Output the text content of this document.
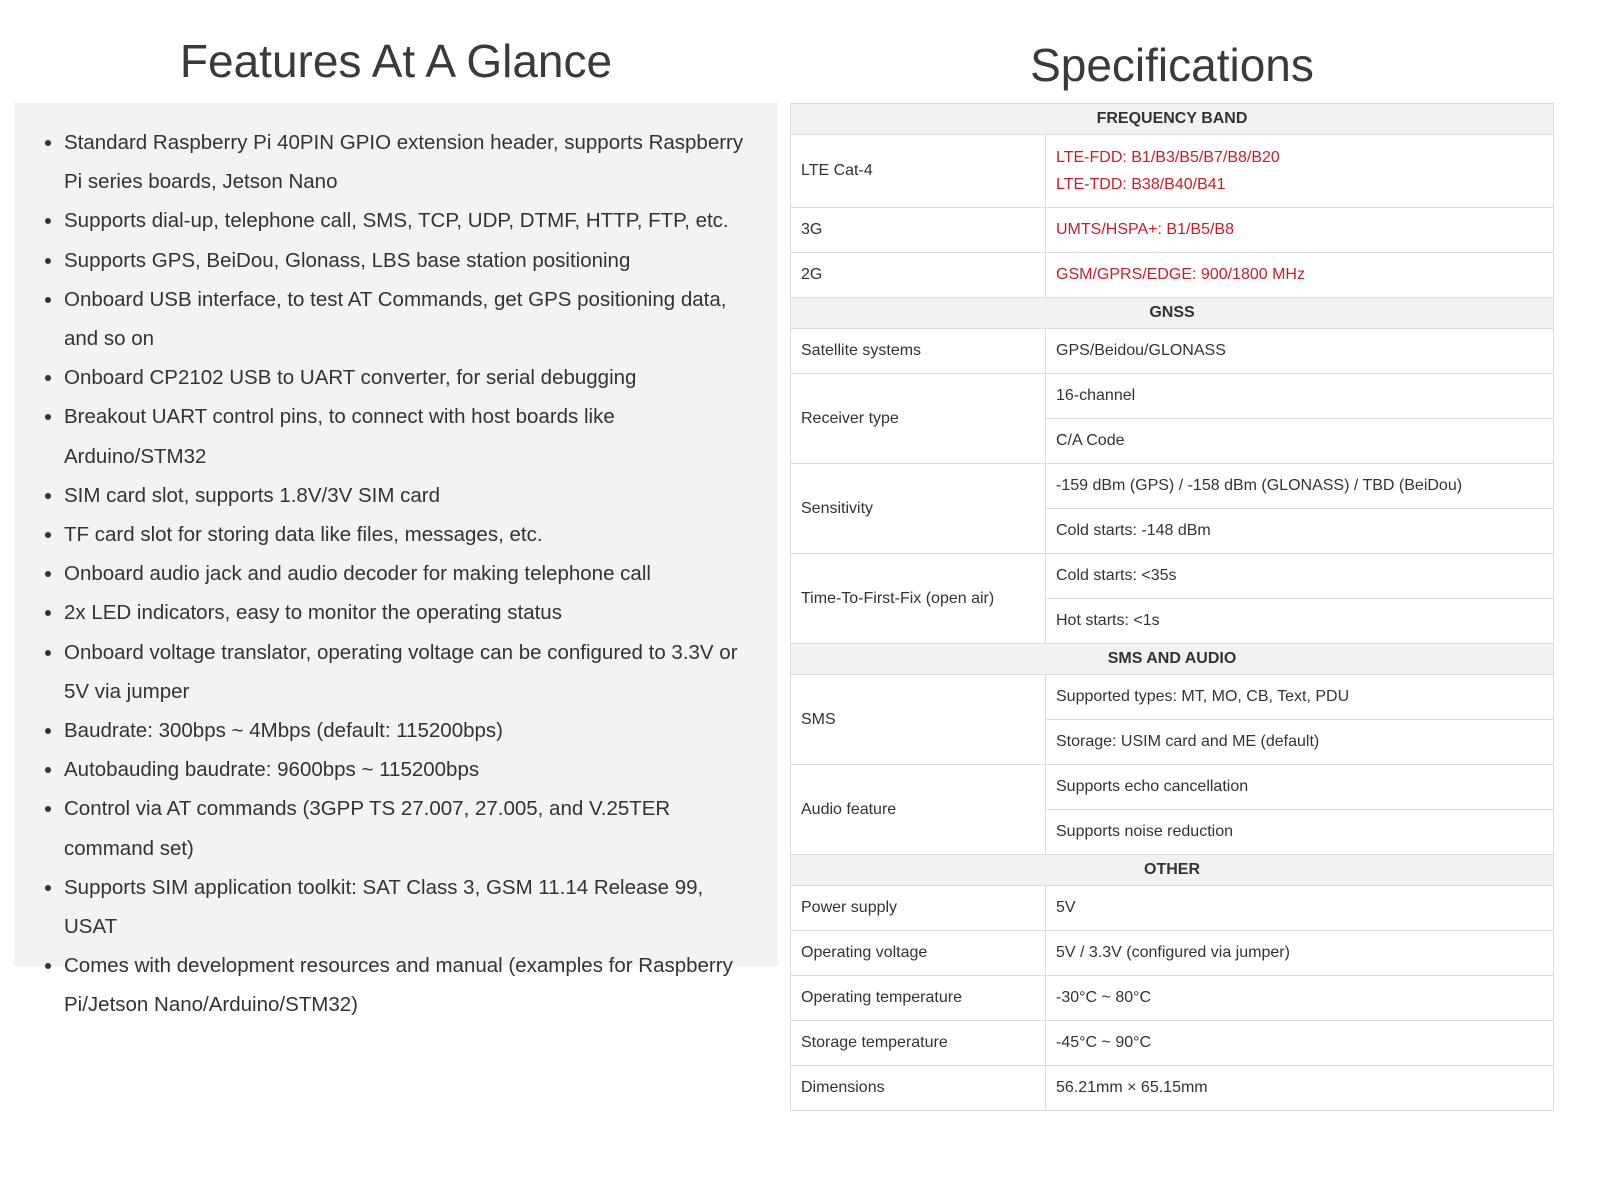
Features At A Glance
• Standard Raspberry Pi 40PIN GPIO extension header, supports Raspberry Pi series boards, Jetson Nano
• Supports dial-up, telephone call, SMS, TCP, UDP, DTMF, HTTP, FTP, etc.
• Supports GPS, BeiDou, Glonass, LBS base station positioning
• Onboard USB interface, to test AT Commands, get GPS positioning data, and so on
• Onboard CP2102 USB to UART converter, for serial debugging
• Breakout UART control pins, to connect with host boards like Arduino/STM32
• SIM card slot, supports 1.8V/3V SIM card
• TF card slot for storing data like files, messages, etc.
• Onboard audio jack and audio decoder for making telephone call
• 2x LED indicators, easy to monitor the operating status
• Onboard voltage translator, operating voltage can be configured to 3.3V or 5V via jumper
• Baudrate: 300bps ~ 4Mbps (default: 115200bps)
• Autobauding baudrate: 9600bps ~ 115200bps
• Control via AT commands (3GPP TS 27.007, 27.005, and V.25TER command set)
• Supports SIM application toolkit: SAT Class 3, GSM 11.14 Release 99, USAT
• Comes with development resources and manual (examples for Raspberry Pi/Jetson Nano/Arduino/STM32)
Specifications
FREQUENCY BAND	
LTE Cat-4	LTE-FDD: B1/B3/B5/B7/B8/B20
LTE-TDD: B38/B40/B41

3G	UMTS/HSPA+: B1/B5/B8
2G	GSM/GPRS/EDGE: 900/1800 MHz
GNSS	
Satellite systems	GPS/Beidou/GLONASS
Receiver type	16-channel
	C/A Code
Sensitivity	-159 dBm (GPS) / -158 dBm (GLONASS) / TBD (BeiDou)
	Cold starts: -148 dBm
Time-To-First-Fix (open air)	Cold starts: <35s
	Hot starts: <1s
SMS AND AUDIO	
SMS	Supported types: MT, MO, CB, Text, PDU
	Storage: USIM card and ME (default)
Audio feature	Supports echo cancellation
	Supports noise reduction
OTHER	
Power supply	5V
Operating voltage	5V / 3.3V (configured via jumper)
Operating temperature	-30°C ~ 80°C
Storage temperature	-45°C ~ 90°C
Dimensions	56.21mm × 65.15mm
